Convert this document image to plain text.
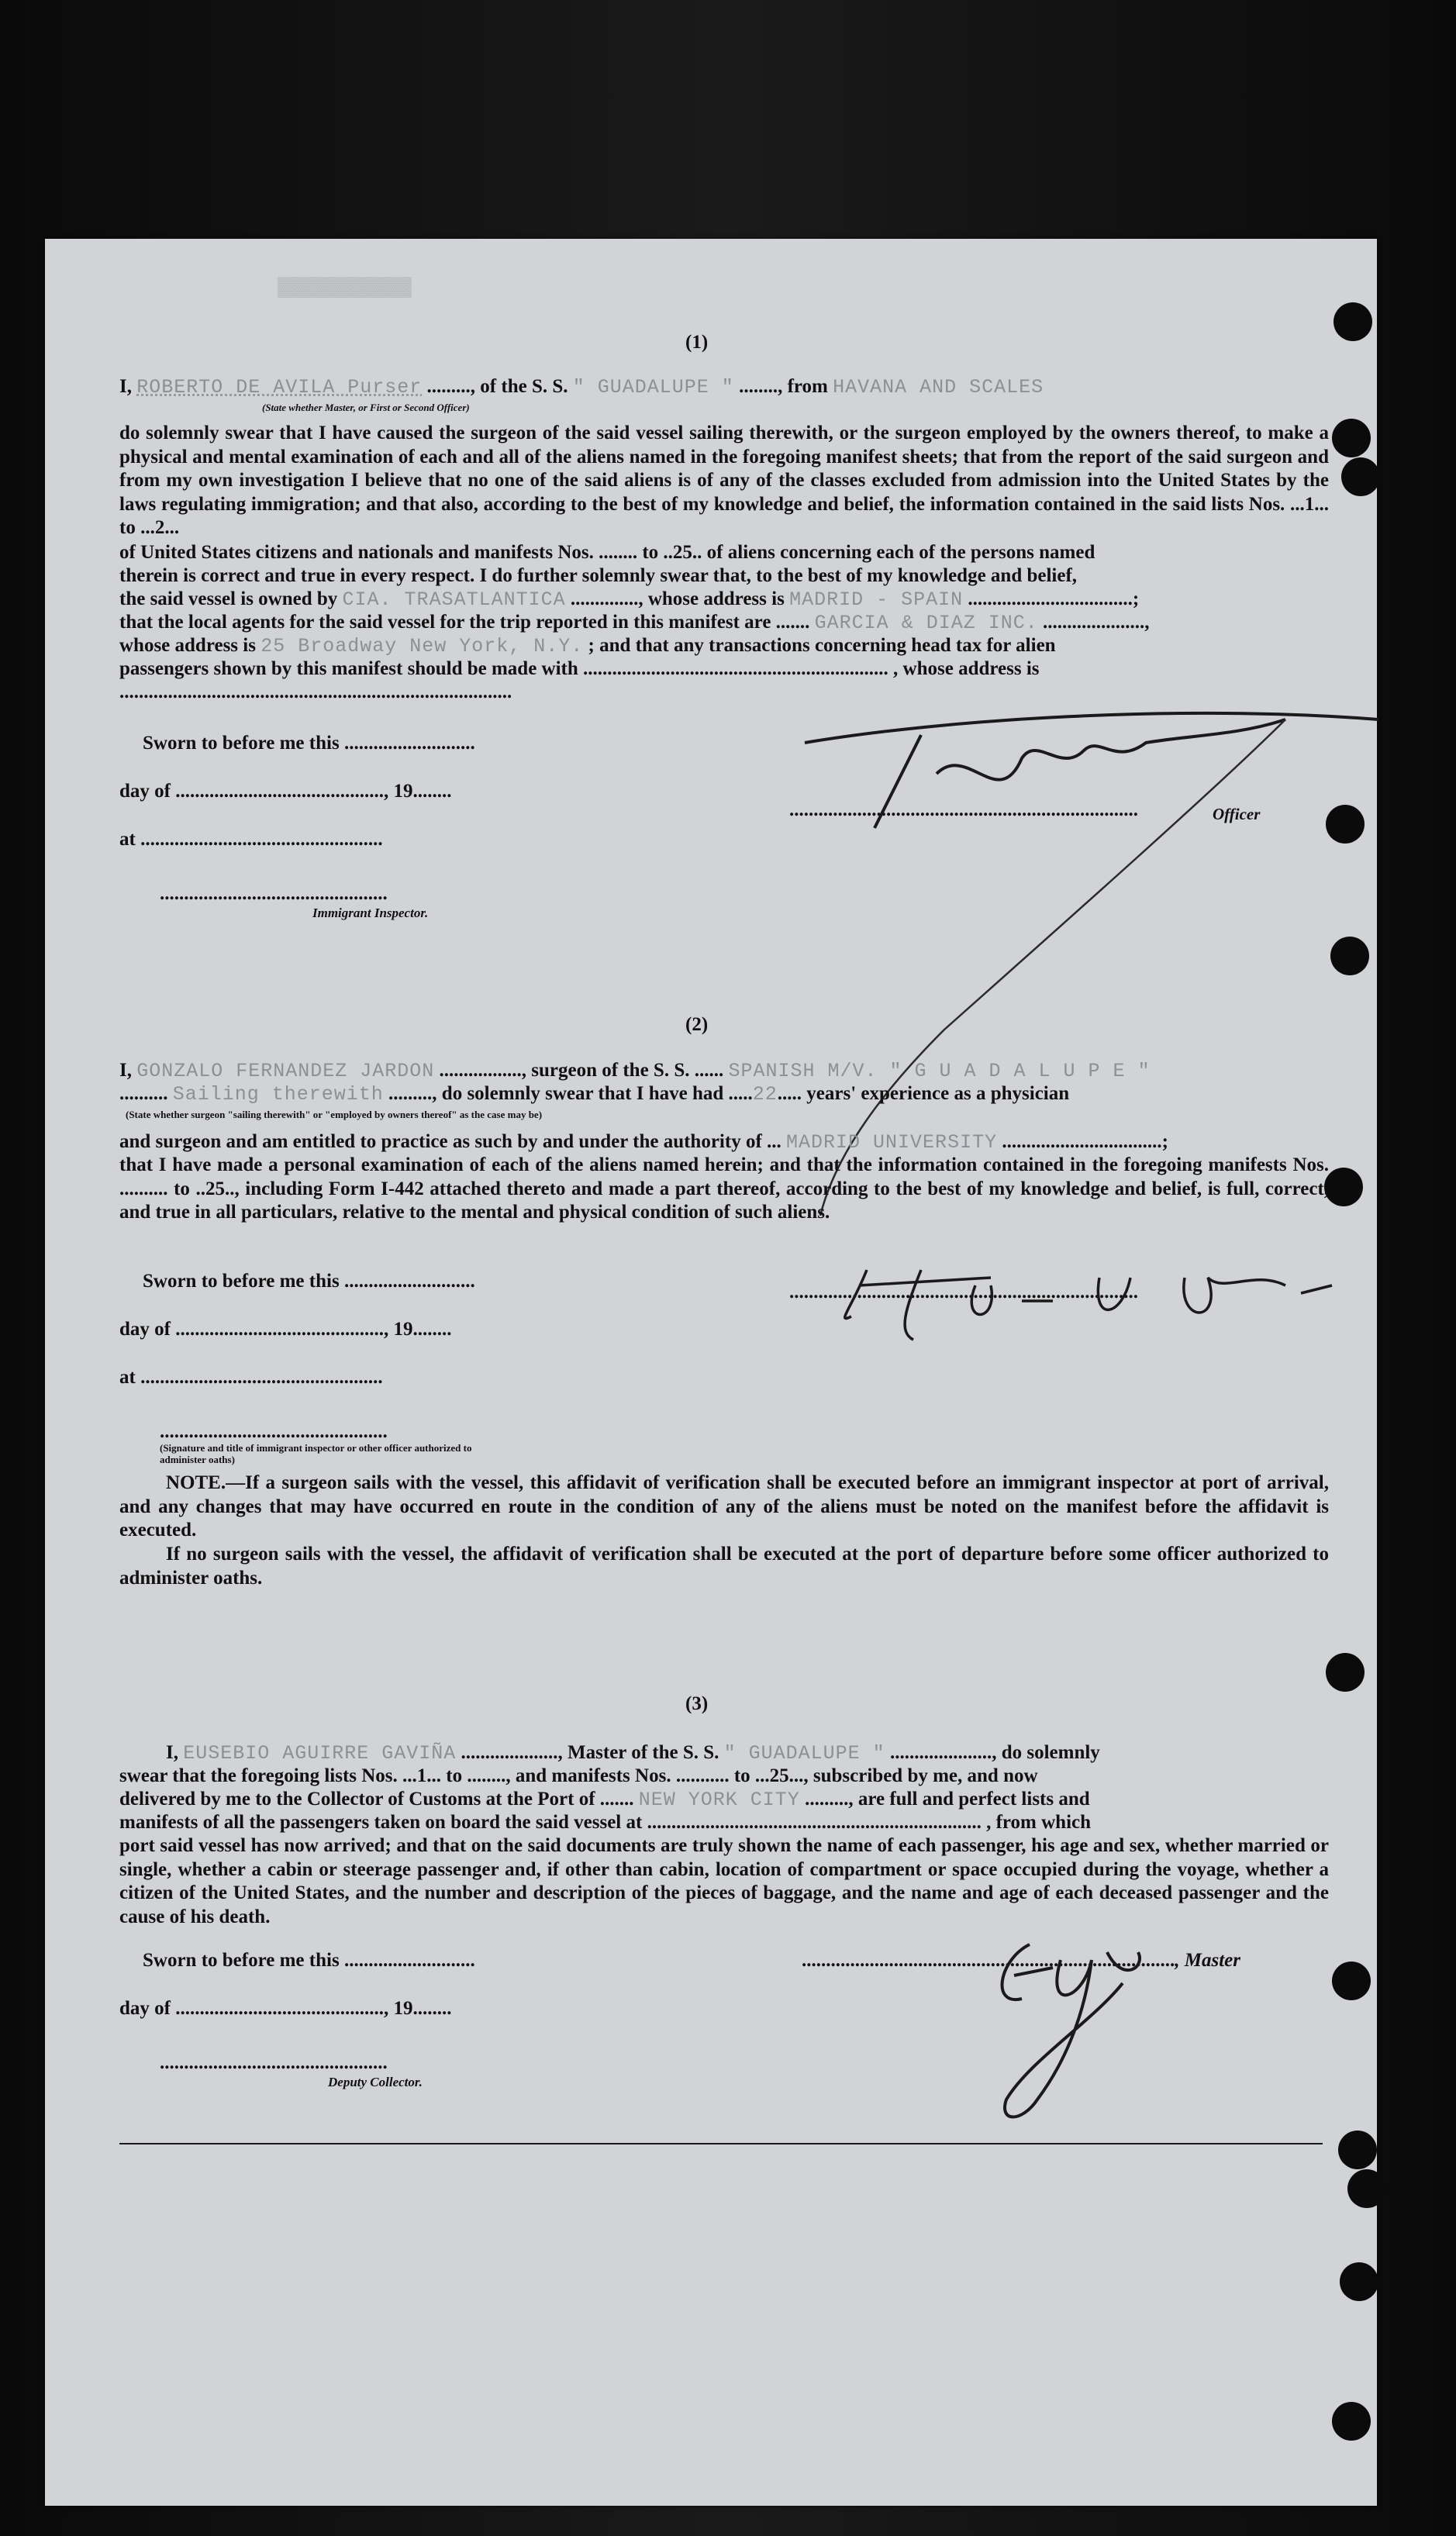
▓▓▓▓▓▓▓▓▓▓▓▓
(1)
I, ROBERTO DE AVILA Purser ........., of the S. S. " GUADALUPE " ........, from HAVANA AND SCALES
(State whether Master, or First or Second Officer)
do solemnly swear that I have caused the surgeon of the said vessel sailing therewith, or the surgeon employed by the owners thereof, to make a physical and mental examination of each and all of the aliens named in the foregoing manifest sheets; that from the report of the said surgeon and from my own investigation I believe that no one of the said aliens is of any of the classes excluded from admission into the United States by the laws regulating immigration; and that also, according to the best of my knowledge and belief, the information contained in the said lists Nos. ...1... to ...2...
of United States citizens and nationals and manifests Nos. ........ to ..25.. of aliens concerning each of the persons named
therein is correct and true in every respect. I do further solemnly swear that, to the best of my knowledge and belief,
the said vessel is owned by CIA. TRASATLANTICA .............., whose address is MADRID - SPAIN ..................................;
that the local agents for the said vessel for the trip reported in this manifest are ....... GARCIA & DIAZ INC. .....................,
whose address is 25 Broadway New York, N.Y. ; and that any transactions concerning head tax for alien
passengers shown by this manifest should be made with ............................................................... , whose address is
.................................................................................
Sworn to before me this ...........................
day of ..........................................., 19........
at ..................................................
...............................................
Immigrant Inspector.
........................................................................	Officer
(2)
I, GONZALO FERNANDEZ JARDON ................., surgeon of the S. S. ...... SPANISH M/V. " G U A D A L U P E "
.......... Sailing therewith ........., do solemnly swear that I have had .....22..... years' experience as a physician
(State whether surgeon "sailing therewith" or "employed by owners thereof" as the case may be)
and surgeon and am entitled to practice as such by and under the authority of ... MADRID UNIVERSITY .................................;
that I have made a personal examination of each of the aliens named herein; and that the information contained in the foregoing manifests Nos. .......... to ..25.., including Form I-442 attached thereto and made a part thereof, according to the best of my knowledge and belief, is full, correct, and true in all particulars, relative to the mental and physical condition of such aliens.
Sworn to before me this ...........................
day of ..........................................., 19........
at ..................................................
...............................................
(Signature and title of immigrant inspector or other officer authorized to administer oaths)
........................................................................
NOTE.—If a surgeon sails with the vessel, this affidavit of verification shall be executed before an immigrant inspector at port of arrival, and any changes that may have occurred en route in the condition of any of the aliens must be noted on the manifest before the affidavit is executed.
If no surgeon sails with the vessel, the affidavit of verification shall be executed at the port of departure before some officer authorized to administer oaths.
(3)
I, EUSEBIO AGUIRRE GAVIÑA ...................., Master of the S. S. " GUADALUPE " ....................., do solemnly
swear that the foregoing lists Nos. ...1... to ........, and manifests Nos. ........... to ...25..., subscribed by me, and now
delivered by me to the Collector of Customs at the Port of ....... NEW YORK CITY ........., are full and perfect lists and
manifests of all the passengers taken on board the said vessel at ..................................................................... , from which
port said vessel has now arrived; and that on the said documents are truly shown the name of each passenger, his age and sex, whether married or single, whether a cabin or steerage passenger and, if other than cabin, location of compartment or space occupied during the voyage, whether a citizen of the United States, and the number and description of the pieces of baggage, and the name and age of each deceased passenger and the cause of his death.
Sworn to before me this ...........................
day of ..........................................., 19........
...............................................
Deputy Collector.
............................................................................., Master
